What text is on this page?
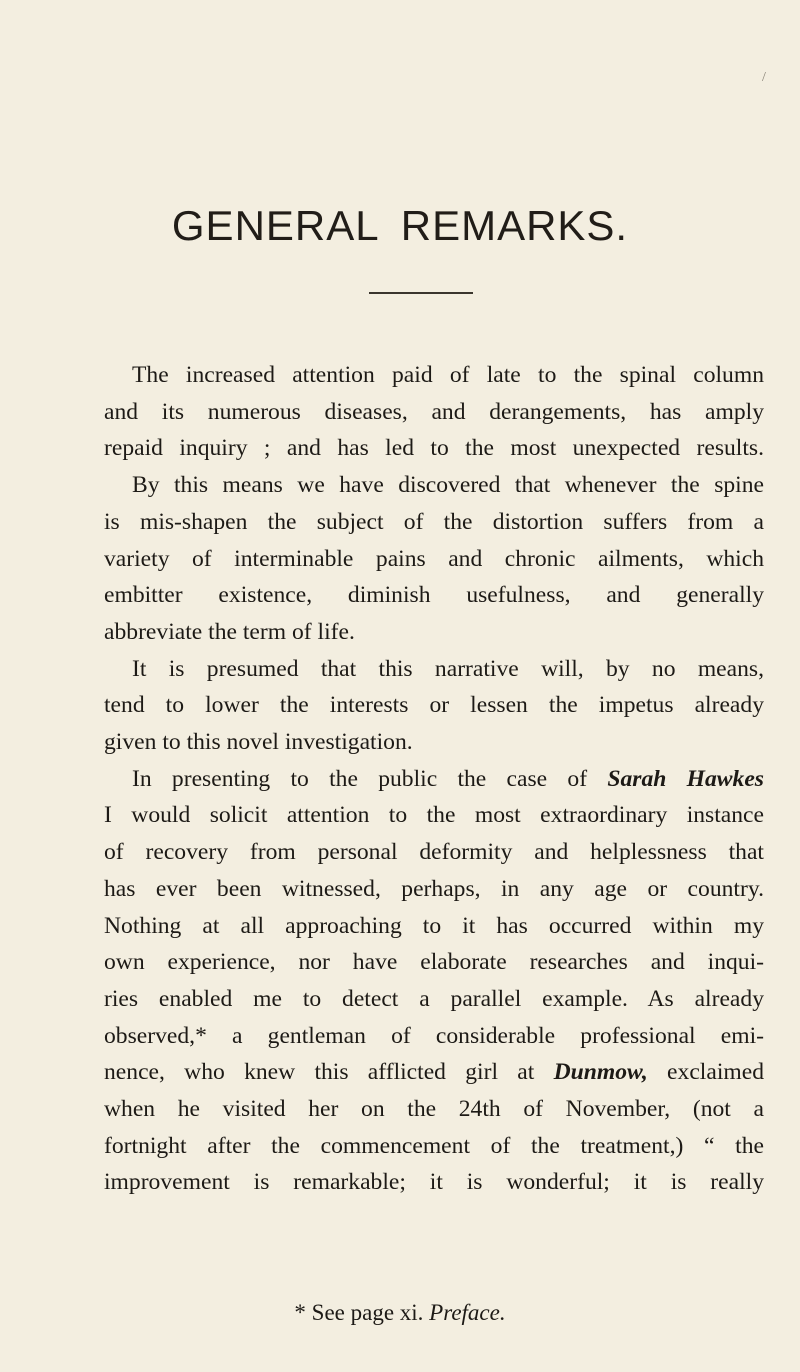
/
GENERAL REMARKS.
The increased attention paid of late to the spinal column
and its numerous diseases, and derangements, has amply
repaid inquiry ; and has led to the most unexpected results.
By this means we have discovered that whenever the spine
is mis-shapen the subject of the distortion suffers from a
variety of interminable pains and chronic ailments, which
embitter existence, diminish usefulness, and generally
abbreviate the term of life.
It is presumed that this narrative will, by no means,
tend to lower the interests or lessen the impetus already
given to this novel investigation.
In presenting to the public the case of Sarah Hawkes
I would solicit attention to the most extraordinary instance
of recovery from personal deformity and helplessness that
has ever been witnessed, perhaps, in any age or country.
Nothing at all approaching to it has occurred within my
own experience, nor have elaborate researches and inqui-
ries enabled me to detect a parallel example. As already
observed,* a gentleman of considerable professional emi-
nence, who knew this afflicted girl at Dunmow, exclaimed
when he visited her on the 24th of November, (not a
fortnight after the commencement of the treatment,) “ the
improvement is remarkable; it is wonderful; it is really
* See page xi. Preface.
